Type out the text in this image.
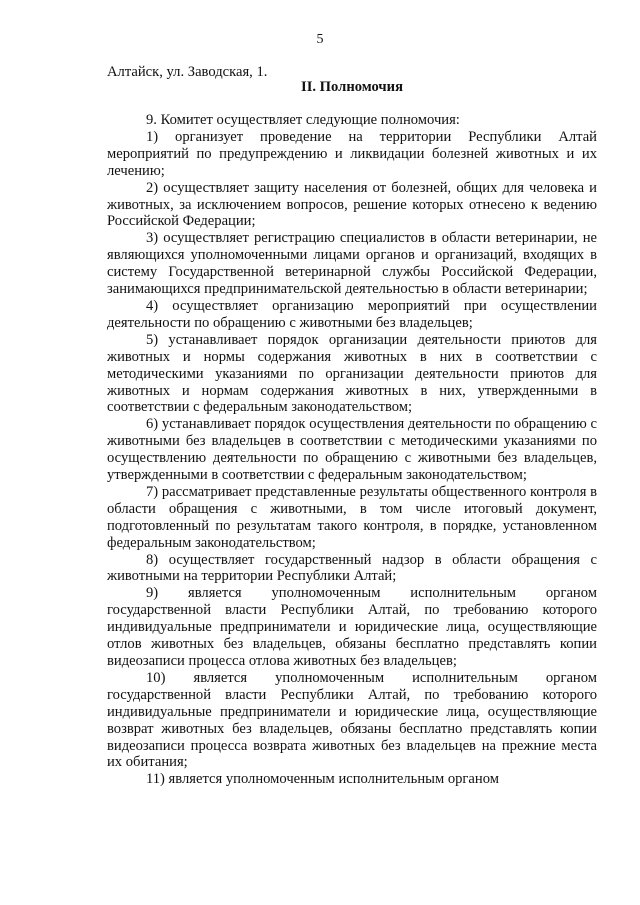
5
Алтайск, ул. Заводская, 1.
II. Полномочия

9. Комитет осуществляет следующие полномочия:

1) организует проведение на территории Республики Алтай мероприятий по предупреждению и ликвидации болезней животных и их лечению;

2) осуществляет защиту населения от болезней, общих для человека и животных, за исключением вопросов, решение которых отнесено к ведению Российской Федерации;

3) осуществляет регистрацию специалистов в области ветеринарии, не являющихся уполномоченными лицами органов и организаций, входящих в систему Государственной ветеринарной службы Российской Федерации, занимающихся предпринимательской деятельностью в области ветеринарии;

4) осуществляет организацию мероприятий при осуществлении деятельности по обращению с животными без владельцев;

5) устанавливает порядок организации деятельности приютов для животных и нормы содержания животных в них в соответствии с методическими указаниями по организации деятельности приютов для животных и нормам содержания животных в них, утвержденными в соответствии с федеральным законодательством;

6) устанавливает порядок осуществления деятельности по обращению с животными без владельцев в соответствии с методическими указаниями по осуществлению деятельности по обращению с животными без владельцев, утвержденными в соответствии с федеральным законодательством;

7) рассматривает представленные результаты общественного контроля в области обращения с животными, в том числе итоговый документ, подготовленный по результатам такого контроля, в порядке, установленном федеральным законодательством;

8) осуществляет государственный надзор в области обращения с животными на территории Республики Алтай;

9) является уполномоченным исполнительным органом государственной власти Республики Алтай, по требованию которого индивидуальные предприниматели и юридические лица, осуществляющие отлов животных без владельцев, обязаны бесплатно представлять копии видеозаписи процесса отлова животных без владельцев;

10) является уполномоченным исполнительным органом государственной власти Республики Алтай, по требованию которого индивидуальные предприниматели и юридические лица, осуществляющие возврат животных без владельцев, обязаны бесплатно представлять копии видеозаписи процесса возврата животных без владельцев на прежние места их обитания;

11) является уполномоченным исполнительным органом
